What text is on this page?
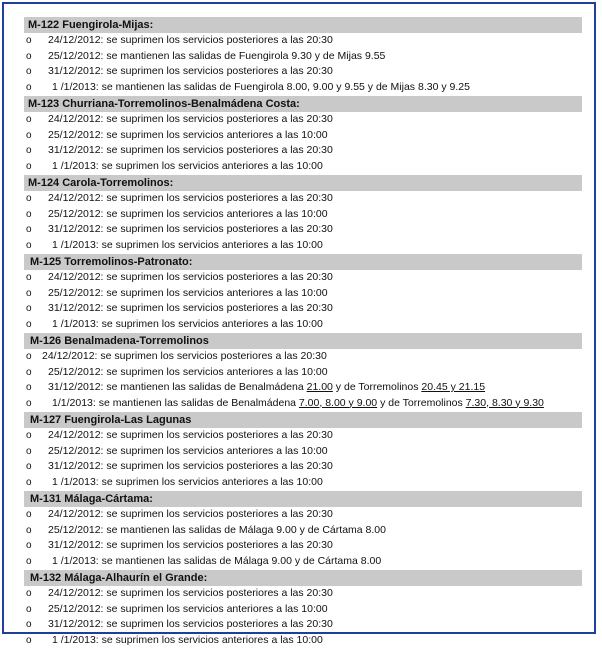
M-122 Fuengirola-Mijas:
o	24/12/2012: se suprimen los servicios posteriores a las 20:30
o	25/12/2012: se mantienen las salidas de Fuengirola 9.30 y de Mijas 9.55
o	31/12/2012: se suprimen los servicios posteriores a las 20:30
o	1 /1/2013: se mantienen las salidas de Fuengirola 8.00, 9.00 y 9.55 y de Mijas 8.30 y 9.25
M-123 Churriana-Torremolinos-Benalmádena Costa:
o	24/12/2012: se suprimen los servicios posteriores a las 20:30
o	25/12/2012: se suprimen los servicios anteriores a las 10:00
o	31/12/2012: se suprimen los servicios posteriores a las 20:30
o	1 /1/2013: se suprimen los servicios anteriores a las 10:00
M-124 Carola-Torremolinos:
o	24/12/2012: se suprimen los servicios posteriores a las 20:30
o	25/12/2012: se suprimen los servicios anteriores a las 10:00
o	31/12/2012: se suprimen los servicios posteriores a las 20:30
o	1 /1/2013: se suprimen los servicios anteriores a las 10:00
M-125 Torremolinos-Patronato:
o	24/12/2012: se suprimen los servicios posteriores a las 20:30
o	25/12/2012: se suprimen los servicios anteriores a las 10:00
o	31/12/2012: se suprimen los servicios posteriores a las 20:30
o	1 /1/2013: se suprimen los servicios anteriores a las 10:00
M-126 Benalmadena-Torremolinos
o 24/12/2012: se suprimen los servicios posteriores a las 20:30
o	25/12/2012: se suprimen los servicios anteriores a las 10:00
o	31/12/2012: se mantienen las salidas de Benalmádena 21.00 y de Torremolinos 20.45 y 21.15
o	1/1/2013: se mantienen las salidas de Benalmádena 7.00, 8.00 y 9.00 y de Torremolinos 7.30, 8.30 y 9.30
M-127 Fuengirola-Las Lagunas
o	24/12/2012: se suprimen los servicios posteriores a las 20:30
o	25/12/2012: se suprimen los servicios anteriores a las 10:00
o	31/12/2012: se suprimen los servicios posteriores a las 20:30
o	1 /1/2013: se suprimen los servicios anteriores a las 10:00
M-131 Málaga-Cártama:
o	24/12/2012: se suprimen los servicios posteriores a las 20:30
o	25/12/2012: se mantienen las salidas de Málaga 9.00 y de Cártama 8.00
o	31/12/2012: se suprimen los servicios posteriores a las 20:30
o	1 /1/2013: se mantienen las salidas de Málaga 9.00 y de Cártama 8.00
M-132 Málaga-Alhaurín el Grande:
o	24/12/2012: se suprimen los servicios posteriores a las 20:30
o	25/12/2012: se suprimen los servicios anteriores a las 10:00
o	31/12/2012: se suprimen los servicios posteriores a las 20:30
o	1 /1/2013: se suprimen los servicios anteriores a las 10:00
